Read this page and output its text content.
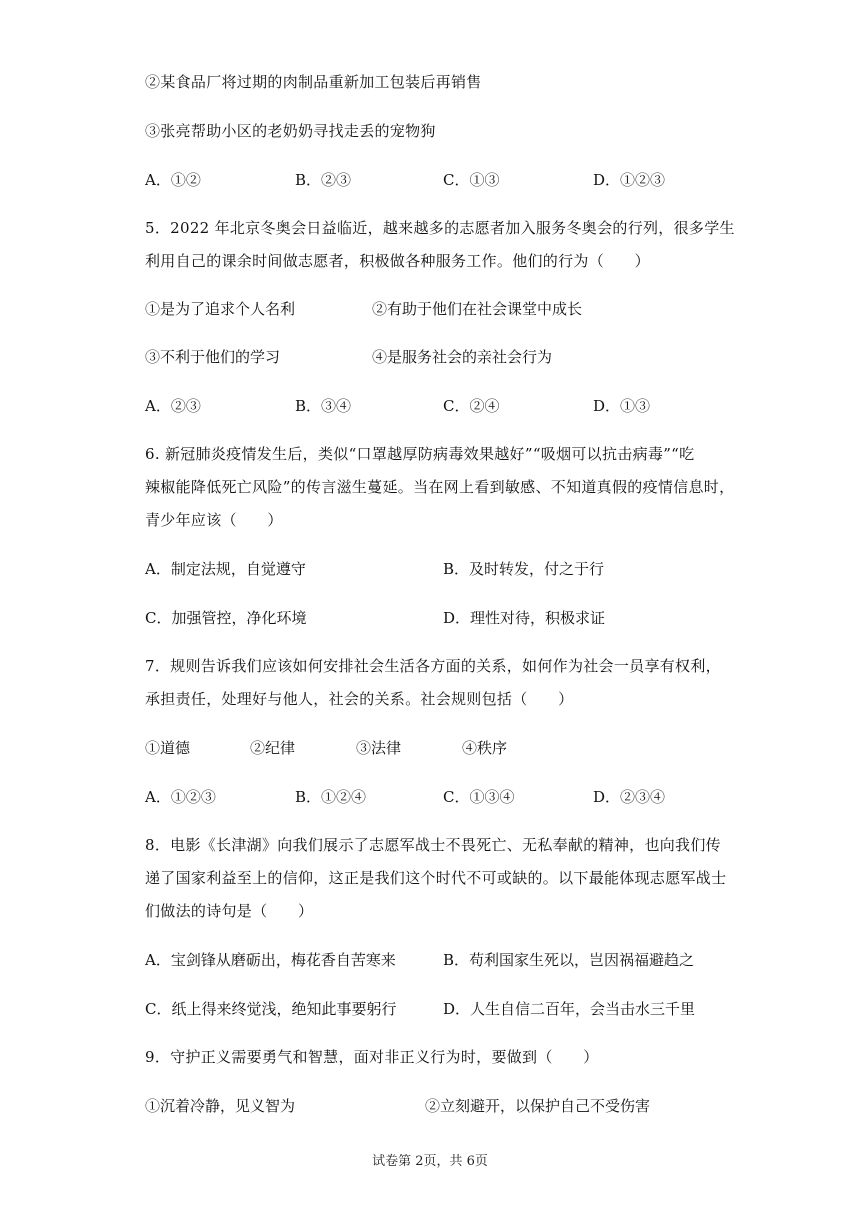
②某食品厂将过期的肉制品重新加工包装后再销售
③张亮帮助小区的老奶奶寻找走丢的宠物狗
A．①②	B．②③	C．①③	D．①②③
5．2022 年北京冬奥会日益临近，越来越多的志愿者加入服务冬奥会的行列，很多学生
利用自己的课余时间做志愿者，积极做各种服务工作。他们的行为（　　）
①是为了追求个人名利	②有助于他们在社会课堂中成长
③不利于他们的学习	④是服务社会的亲社会行为
A．②③	B．③④	C．②④	D．①③
6. 新冠肺炎疫情发生后，类似“口罩越厚防病毒效果越好”“吸烟可以抗击病毒”“吃
辣椒能降低死亡风险”的传言滋生蔓延。当在网上看到敏感、不知道真假的疫情信息时，
青少年应该（　　）
A．制定法规，自觉遵守	B．及时转发，付之于行
C．加强管控，净化环境	D．理性对待，积极求证
7．规则告诉我们应该如何安排社会生活各方面的关系，如何作为社会一员享有权利，
承担责任，处理好与他人，社会的关系。社会规则包括（　　）
①道德	②纪律	③法律	④秩序
A．①②③	B．①②④	C．①③④	D．②③④
8．电影《长津湖》向我们展示了志愿军战士不畏死亡、无私奉献的精神，也向我们传
递了国家利益至上的信仰，这正是我们这个时代不可或缺的。以下最能体现志愿军战士
们做法的诗句是（　　）
A．宝剑锋从磨砺出，梅花香自苦寒来	B．苟利国家生死以，岂因祸福避趋之
C．纸上得来终觉浅，绝知此事要躬行	D．人生自信二百年，会当击水三千里
9．守护正义需要勇气和智慧，面对非正义行为时，要做到（　　）
①沉着冷静，见义智为	②立刻避开，以保护自己不受伤害
试卷第 2页，共 6页
